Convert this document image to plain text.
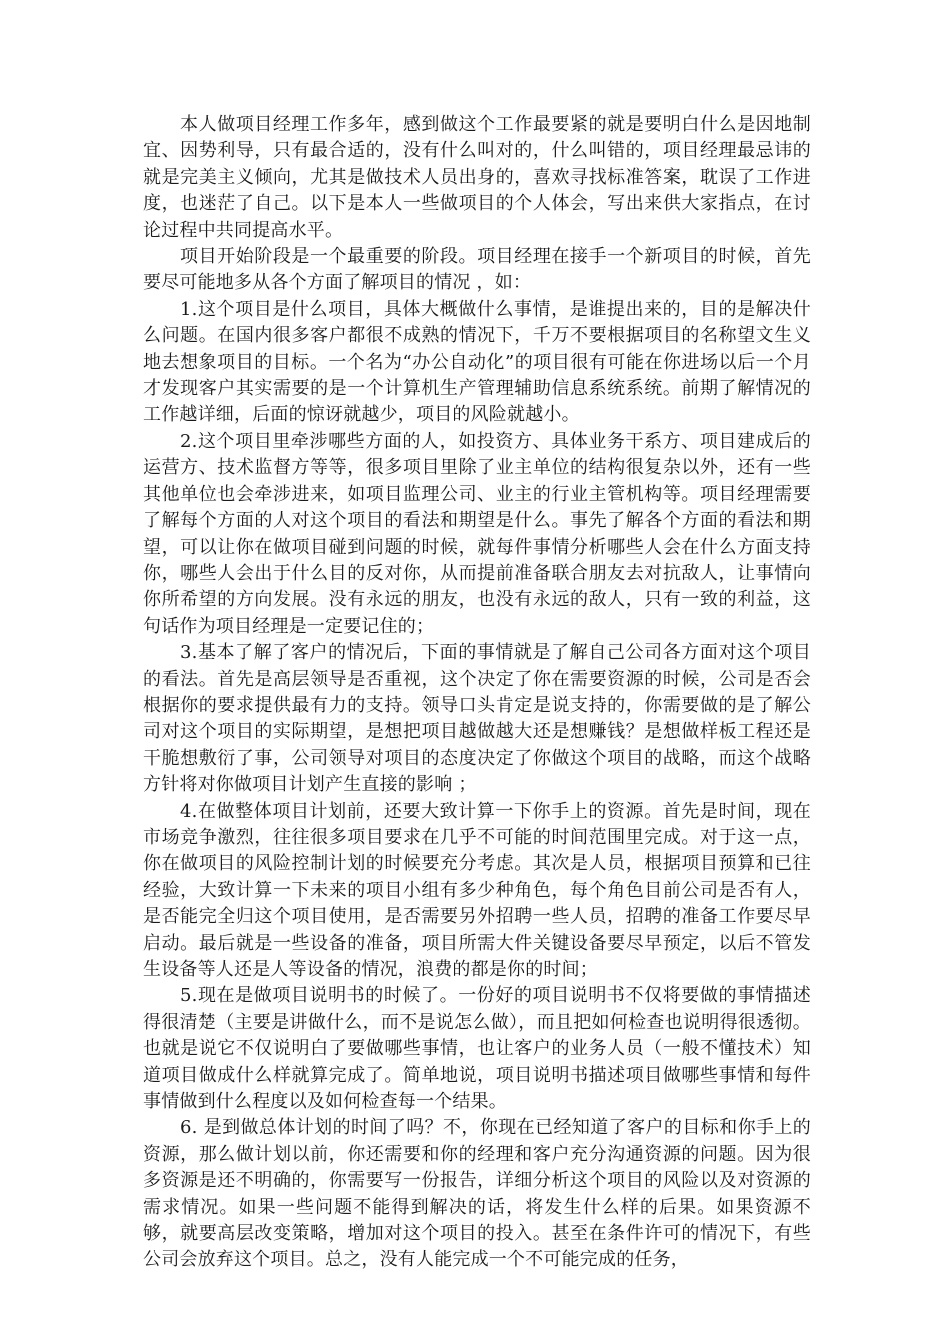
本人做项目经理工作多年，感到做这个工作最要紧的就是要明白什么是因地制宜、因势利导，只有最合适的，没有什么叫对的，什么叫错的，项目经理最忌讳的就是完美主义倾向，尤其是做技术人员出身的，喜欢寻找标准答案，耽误了工作进度，也迷茫了自己。以下是本人一些做项目的个人体会，写出来供大家指点，在讨论过程中共同提高水平。

项目开始阶段是一个最重要的阶段。项目经理在接手一个新项目的时候，首先要尽可能地多从各个方面了解项目的情况 ，如：

1.这个项目是什么项目，具体大概做什么事情，是谁提出来的，目的是解决什么问题。在国内很多客户都很不成熟的情况下，千万不要根据项目的名称望文生义地去想象项目的目标。一个名为“办公自动化”的项目很有可能在你进场以后一个月才发现客户其实需要的是一个计算机生产管理辅助信息系统系统。前期了解情况的工作越详细，后面的惊讶就越少，项目的风险就越小。

2.这个项目里牵涉哪些方面的人，如投资方、具体业务干系方、项目建成后的运营方、技术监督方等等，很多项目里除了业主单位的结构很复杂以外，还有一些其他单位也会牵涉进来，如项目监理公司、业主的行业主管机构等。项目经理需要了解每个方面的人对这个项目的看法和期望是什么。事先了解各个方面的看法和期望，可以让你在做项目碰到问题的时候，就每件事情分析哪些人会在什么方面支持你，哪些人会出于什么目的反对你，从而提前准备联合朋友去对抗敌人，让事情向你所希望的方向发展。没有永远的朋友，也没有永远的敌人，只有一致的利益，这句话作为项目经理是一定要记住的；

3.基本了解了客户的情况后，下面的事情就是了解自己公司各方面对这个项目的看法。首先是高层领导是否重视，这个决定了你在需要资源的时候，公司是否会根据你的要求提供最有力的支持。领导口头肯定是说支持的，你需要做的是了解公司对这个项目的实际期望，是想把项目越做越大还是想赚钱？是想做样板工程还是干脆想敷衍了事，公司领导对项目的态度决定了你做这个项目的战略，而这个战略方针将对你做项目计划产生直接的影响 ；

4.在做整体项目计划前，还要大致计算一下你手上的资源。首先是时间，现在市场竞争激烈，往往很多项目要求在几乎不可能的时间范围里完成。对于这一点，你在做项目的风险控制计划的时候要充分考虑。其次是人员，根据项目预算和已往经验，大致计算一下未来的项目小组有多少种角色，每个角色目前公司是否有人，是否能完全归这个项目使用，是否需要另外招聘一些人员，招聘的准备工作要尽早启动。最后就是一些设备的准备，项目所需大件关键设备要尽早预定，以后不管发生设备等人还是人等设备的情况，浪费的都是你的时间；

5.现在是做项目说明书的时候了。一份好的项目说明书不仅将要做的事情描述得很清楚（主要是讲做什么，而不是说怎么做），而且把如何检查也说明得很透彻。也就是说它不仅说明白了要做哪些事情，也让客户的业务人员（一般不懂技术）知道项目做成什么样就算完成了。简单地说，项目说明书描述项目做哪些事情和每件事情做到什么程度以及如何检查每一个结果。

6. 是到做总体计划的时间了吗？不，你现在已经知道了客户的目标和你手上的资源，那么做计划以前，你还需要和你的经理和客户充分沟通资源的问题。因为很多资源是还不明确的，你需要写一份报告，详细分析这个项目的风险以及对资源的需求情况。如果一些问题不能得到解决的话，将发生什么样的后果。如果资源不够，就要高层改变策略，增加对这个项目的投入。甚至在条件许可的情况下，有些公司会放弃这个项目。总之，没有人能完成一个不可能完成的任务，
